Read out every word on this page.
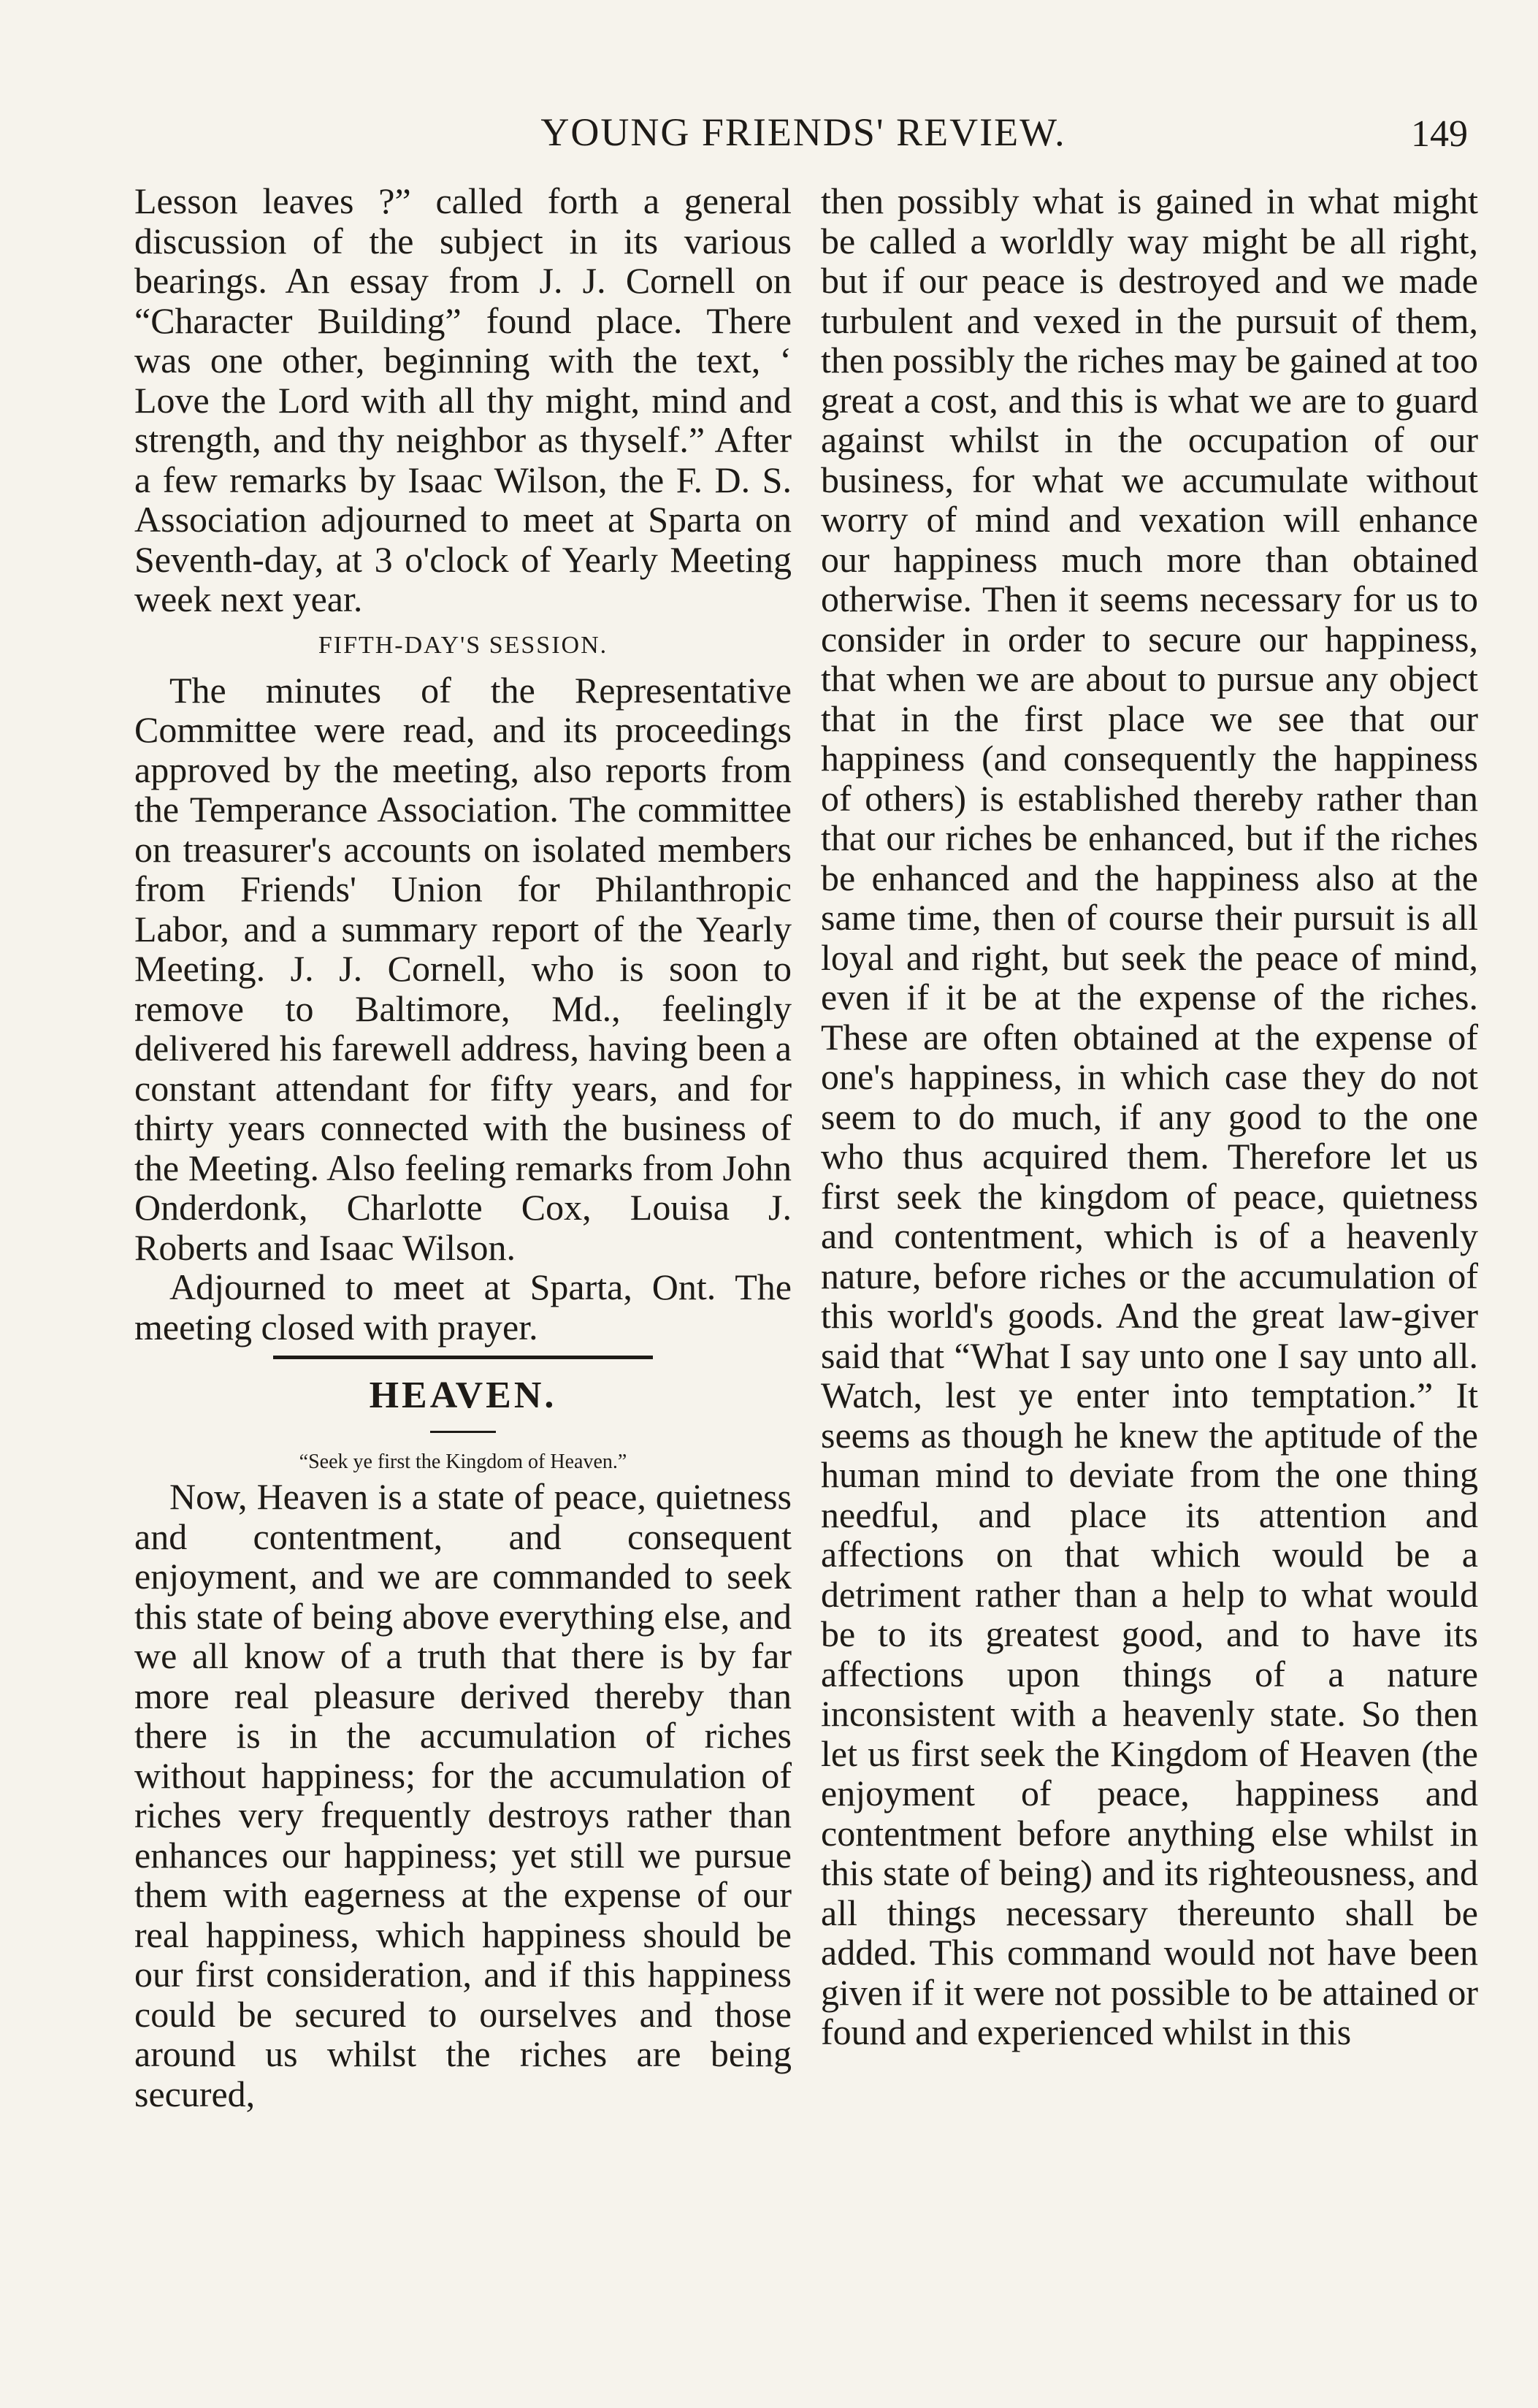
YOUNG FRIENDS' REVIEW.	149

Lesson leaves ?” called forth a general discussion of the subject in its various bearings. An essay from J. J. Cornell on “Character Building” found place. There was one other, beginning with the text, ‘ Love the Lord with all thy might, mind and strength, and thy neighbor as thyself.” After a few remarks by Isaac Wilson, the F. D. S. Association adjourned to meet at Sparta on Seventh-day, at 3 o'clock of Yearly Meeting week next year.

FIFTH-DAY'S SESSION.

The minutes of the Representative Committee were read, and its proceedings approved by the meeting, also reports from the Temperance Association. The committee on treasurer's accounts on isolated members from Friends' Union for Philanthropic Labor, and a summary report of the Yearly Meeting. J. J. Cornell, who is soon to remove to Baltimore, Md., feelingly delivered his farewell address, having been a constant attendant for fifty years, and for thirty years connected with the business of the Meeting. Also feeling remarks from John Onderdonk, Charlotte Cox, Louisa J. Roberts and Isaac Wilson.

Adjourned to meet at Sparta, Ont. The meeting closed with prayer.

HEAVEN.

“Seek ye first the Kingdom of Heaven.”

Now, Heaven is a state of peace, quietness and contentment, and consequent enjoyment, and we are commanded to seek this state of being above everything else, and we all know of a truth that there is by far more real pleasure derived thereby than there is in the accumulation of riches without happiness; for the accumulation of riches very frequently destroys rather than enhances our happiness; yet still we pursue them with eagerness at the expense of our real happiness, which happiness should be our first consideration, and if this happiness could be secured to ourselves and those around us whilst the riches are being secured,

then possibly what is gained in what might be called a worldly way might be all right, but if our peace is destroyed and we made turbulent and vexed in the pursuit of them, then possibly the riches may be gained at too great a cost, and this is what we are to guard against whilst in the occupation of our business, for what we accumulate without worry of mind and vexation will enhance our happiness much more than obtained otherwise. Then it seems necessary for us to consider in order to secure our happiness, that when we are about to pursue any object that in the first place we see that our happiness (and consequently the happiness of others) is established thereby rather than that our riches be enhanced, but if the riches be enhanced and the happiness also at the same time, then of course their pursuit is all loyal and right, but seek the peace of mind, even if it be at the expense of the riches. These are often obtained at the expense of one's happiness, in which case they do not seem to do much, if any good to the one who thus acquired them. Therefore let us first seek the kingdom of peace, quietness and contentment, which is of a heavenly nature, before riches or the accumulation of this world's goods. And the great law-giver said that “What I say unto one I say unto all. Watch, lest ye enter into temptation.” It seems as though he knew the aptitude of the human mind to deviate from the one thing needful, and place its attention and affections on that which would be a detriment rather than a help to what would be to its greatest good, and to have its affections upon things of a nature inconsistent with a heavenly state. So then let us first seek the Kingdom of Heaven (the enjoyment of peace, happiness and contentment before anything else whilst in this state of being) and its righteousness, and all things necessary thereunto shall be added. This command would not have been given if it were not possible to be attained or found and experienced whilst in this
